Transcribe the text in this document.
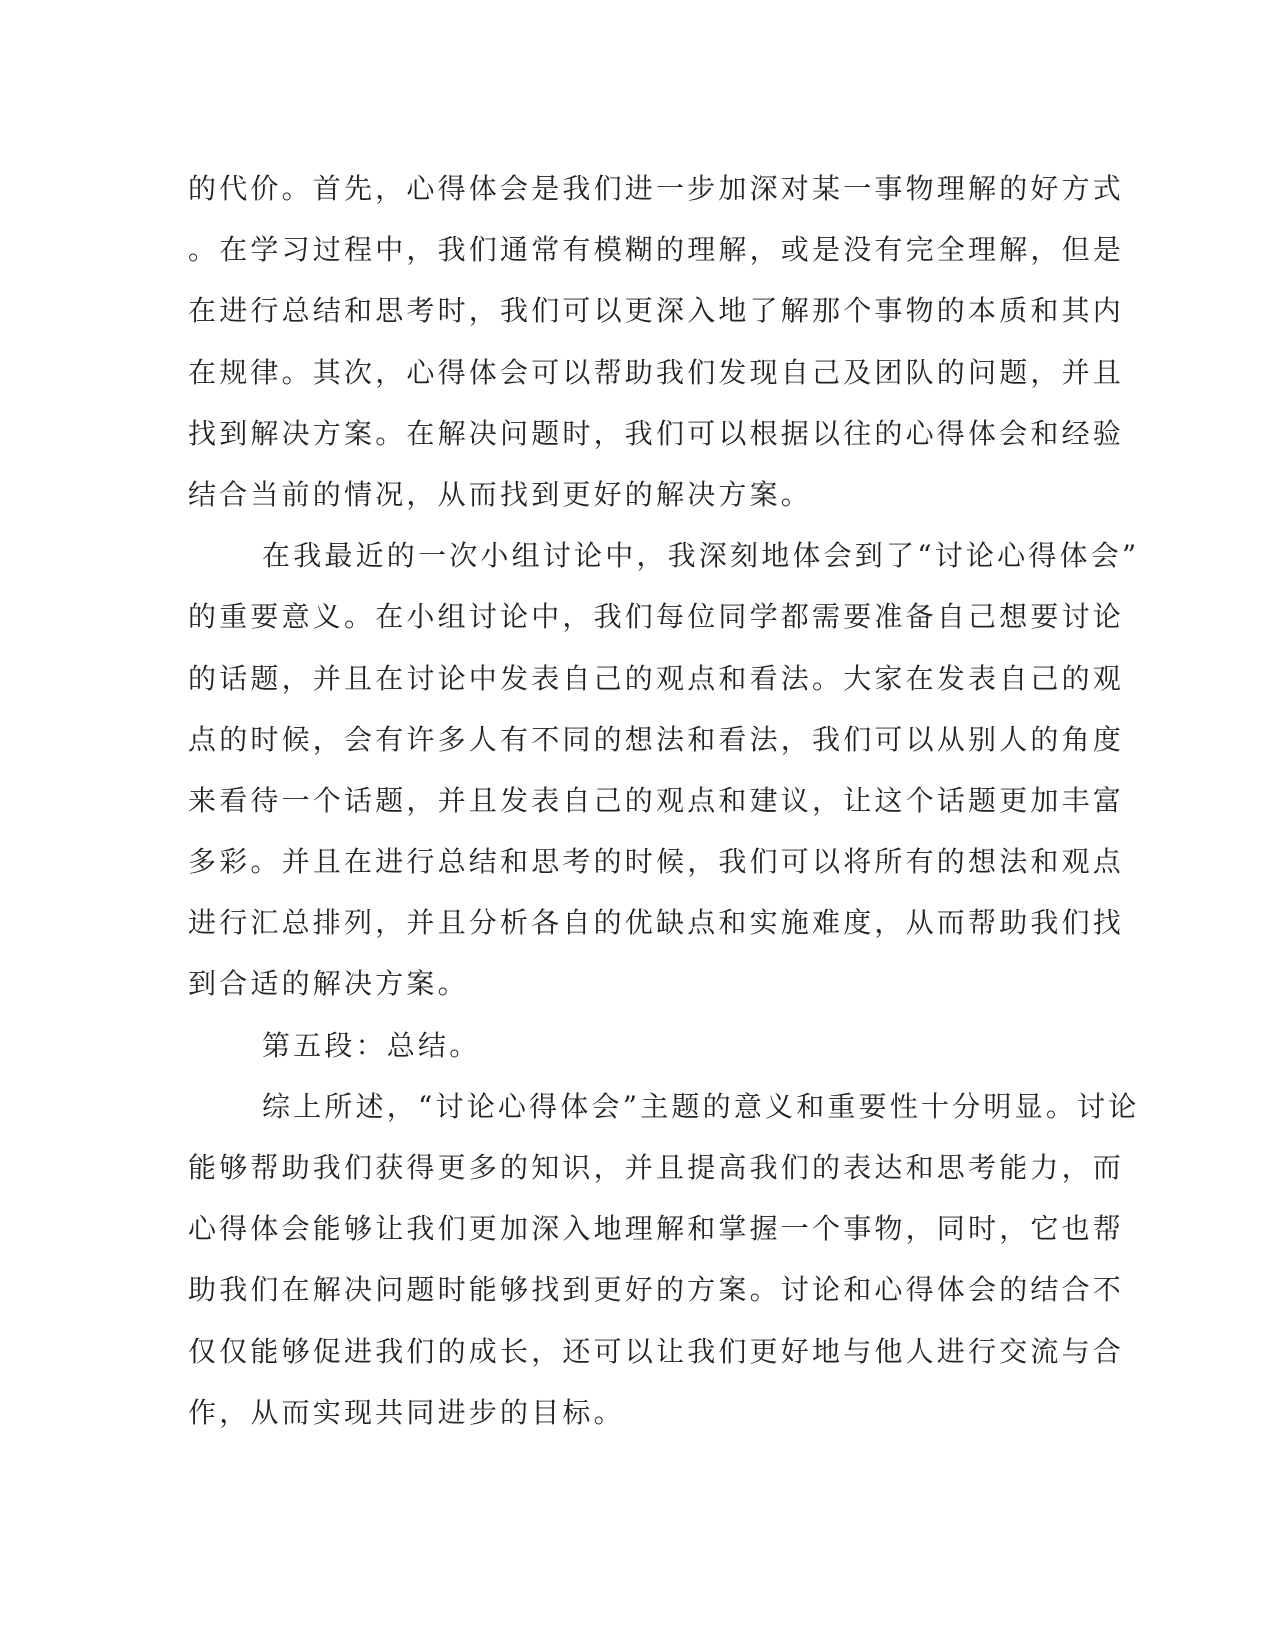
的代价。首先，心得体会是我们进一步加深对某一事物理解的好方式
。在学习过程中，我们通常有模糊的理解，或是没有完全理解，但是
在进行总结和思考时，我们可以更深入地了解那个事物的本质和其内
在规律。其次，心得体会可以帮助我们发现自己及团队的问题，并且
找到解决方案。在解决问题时，我们可以根据以往的心得体会和经验
结合当前的情况，从而找到更好的解决方案。
在我最近的一次小组讨论中，我深刻地体会到了“讨论心得体会”
的重要意义。在小组讨论中，我们每位同学都需要准备自己想要讨论
的话题，并且在讨论中发表自己的观点和看法。大家在发表自己的观
点的时候，会有许多人有不同的想法和看法，我们可以从别人的角度
来看待一个话题，并且发表自己的观点和建议，让这个话题更加丰富
多彩。并且在进行总结和思考的时候，我们可以将所有的想法和观点
进行汇总排列，并且分析各自的优缺点和实施难度，从而帮助我们找
到合适的解决方案。
第五段：总结。
综上所述，“讨论心得体会”主题的意义和重要性十分明显。讨论
能够帮助我们获得更多的知识，并且提高我们的表达和思考能力，而
心得体会能够让我们更加深入地理解和掌握一个事物，同时，它也帮
助我们在解决问题时能够找到更好的方案。讨论和心得体会的结合不
仅仅能够促进我们的成长，还可以让我们更好地与他人进行交流与合
作，从而实现共同进步的目标。
